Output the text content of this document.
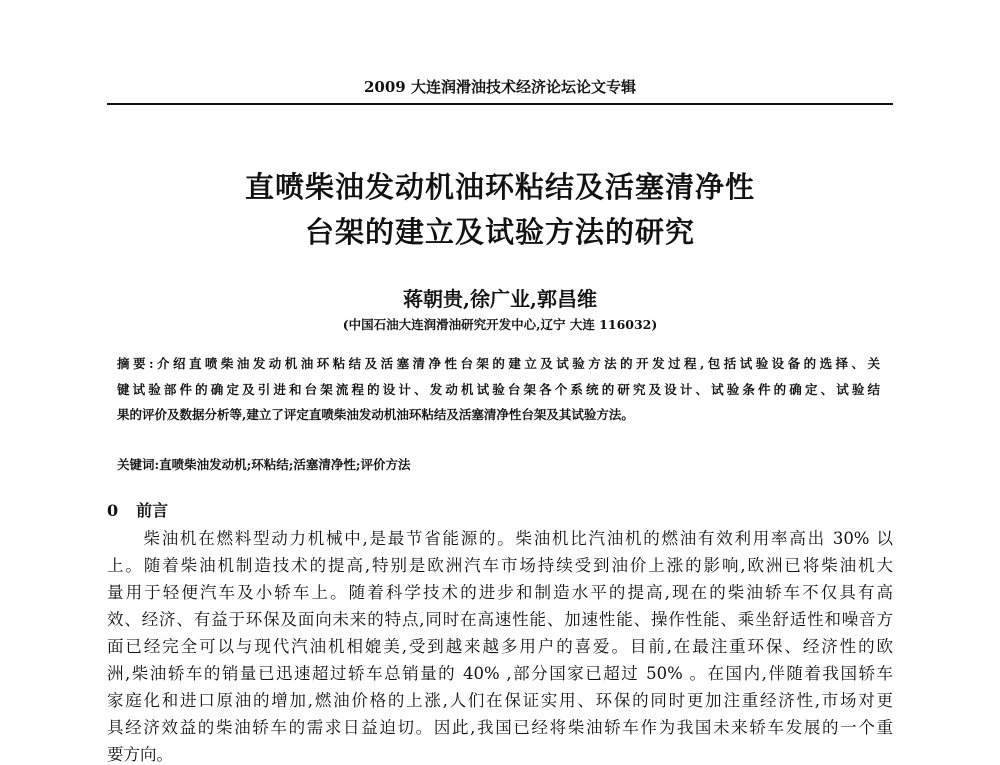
2009 大连润滑油技术经济论坛论文专辑
直喷柴油发动机油环粘结及活塞清净性
台架的建立及试验方法的研究
蒋朝贵,徐广业,郭昌维
(中国石油大连润滑油研究开发中心,辽宁 大连 116032)
摘要:介绍直喷柴油发动机油环粘结及活塞清净性台架的建立及试验方法的开发过程,包括试验设备的选择、关
键试验部件的确定及引进和台架流程的设计、发动机试验台架各个系统的研究及设计、试验条件的确定、试验结
果的评价及数据分析等,建立了评定直喷柴油发动机油环粘结及活塞清净性台架及其试验方法。
关键词:直喷柴油发动机;环粘结;活塞清净性;评价方法
0 前言
　　柴油机在燃料型动力机械中,是最节省能源的。柴油机比汽油机的燃油有效利用率高出 30% 以
上。随着柴油机制造技术的提高,特别是欧洲汽车市场持续受到油价上涨的影响,欧洲已将柴油机大
量用于轻便汽车及小轿车上。随着科学技术的进步和制造水平的提高,现在的柴油轿车不仅具有高
效、经济、有益于环保及面向未来的特点,同时在高速性能、加速性能、操作性能、乘坐舒适性和噪音方
面已经完全可以与现代汽油机相媲美,受到越来越多用户的喜爱。目前,在最注重环保、经济性的欧
洲,柴油轿车的销量已迅速超过轿车总销量的 40% ,部分国家已超过 50% 。在国内,伴随着我国轿车
家庭化和进口原油的增加,燃油价格的上涨,人们在保证实用、环保的同时更加注重经济性,市场对更
具经济效益的柴油轿车的需求日益迫切。因此,我国已经将柴油轿车作为我国未来轿车发展的一个重
要方向。
